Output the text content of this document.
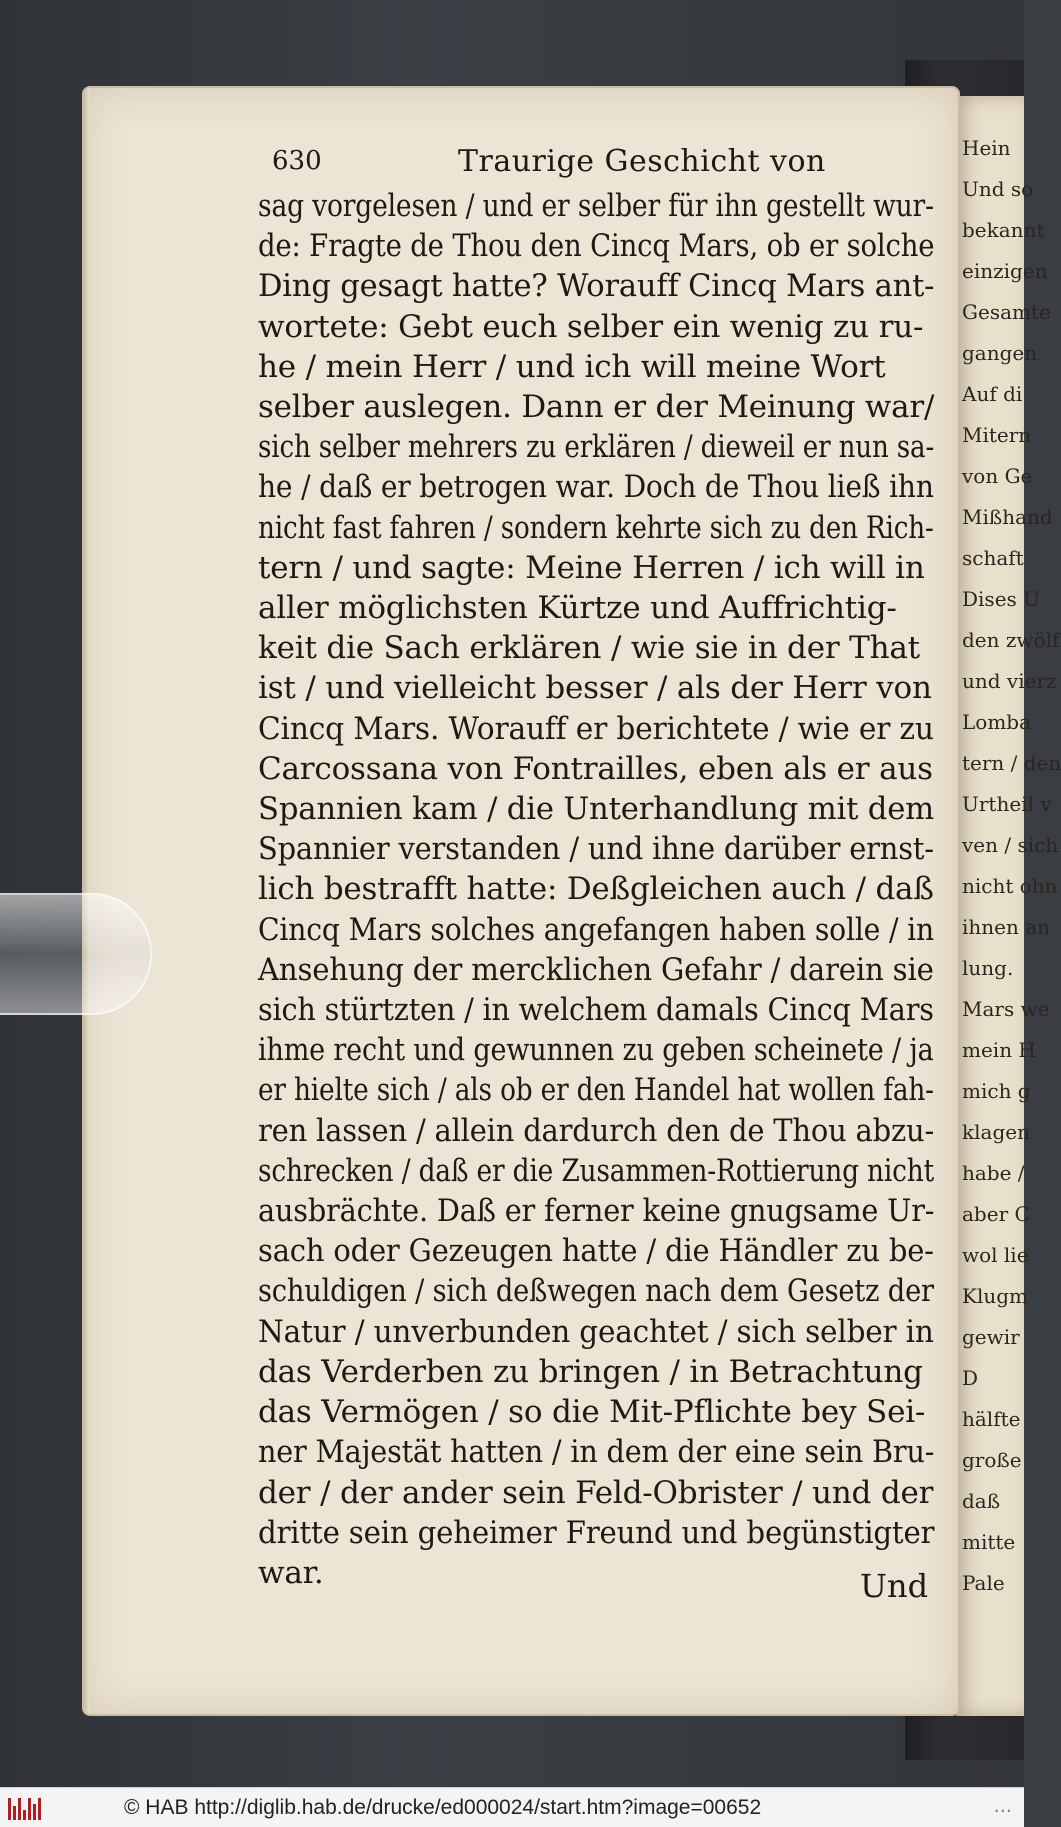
Hein
Und so
bekannt
einzigen
Gesamte
gangen
Auf di
Mitern
von Ge
Mißhand
schaft
Dises U
den zwölf
und vierz
Lomba
tern / den
Urtheil v
ven / sich
nicht ohn
ihnen an
lung.
Mars we
mein H
mich g
klagen
habe /
aber C
wol lie
Klugm
gewir
D
hälfte
große
daß
mitte
Pale
630	Traurige Geschicht von
sag vorgelesen / und er selber für ihn gestellt wur-
de: Fragte de Thou den Cincq Mars, ob er solche
Ding gesagt hatte? Worauff Cincq Mars ant-
wortete: Gebt euch selber ein wenig zu ru-
he / mein Herr / und ich will meine Wort
selber auslegen. Dann er der Meinung war/
sich selber mehrers zu erklären / dieweil er nun sa-
he / daß er betrogen war. Doch de Thou ließ ihn
nicht fast fahren / sondern kehrte sich zu den Rich-
tern / und sagte: Meine Herren / ich will in
aller möglichsten Kürtze und Auffrichtig-
keit die Sach erklären / wie sie in der That
ist / und vielleicht besser / als der Herr von
Cincq Mars. Worauff er berichtete / wie er zu
Carcossana von Fontrailles, eben als er aus
Spannien kam / die Unterhandlung mit dem
Spannier verstanden / und ihne darüber ernst-
lich bestrafft hatte: Deßgleichen auch / daß
Cincq Mars solches angefangen haben solle / in
Ansehung der mercklichen Gefahr / darein sie
sich stürtzten / in welchem damals Cincq Mars
ihme recht und gewunnen zu geben scheinete / ja
er hielte sich / als ob er den Handel hat wollen fah-
ren lassen / allein dardurch den de Thou abzu-
schrecken / daß er die Zusammen-Rottierung nicht
ausbrächte. Daß er ferner keine gnugsame Ur-
sach oder Gezeugen hatte / die Händler zu be-
schuldigen / sich deßwegen nach dem Gesetz der
Natur / unverbunden geachtet / sich selber in
das Verderben zu bringen / in Betrachtung
das Vermögen / so die Mit-Pflichte bey Sei-
ner Majestät hatten / in dem der eine sein Bru-
der / der ander sein Feld-Obrister / und der
dritte sein geheimer Freund und begünstigter
war.	Und
© HAB http://diglib.hab.de/drucke/ed000024/start.htm?image=00652	...
